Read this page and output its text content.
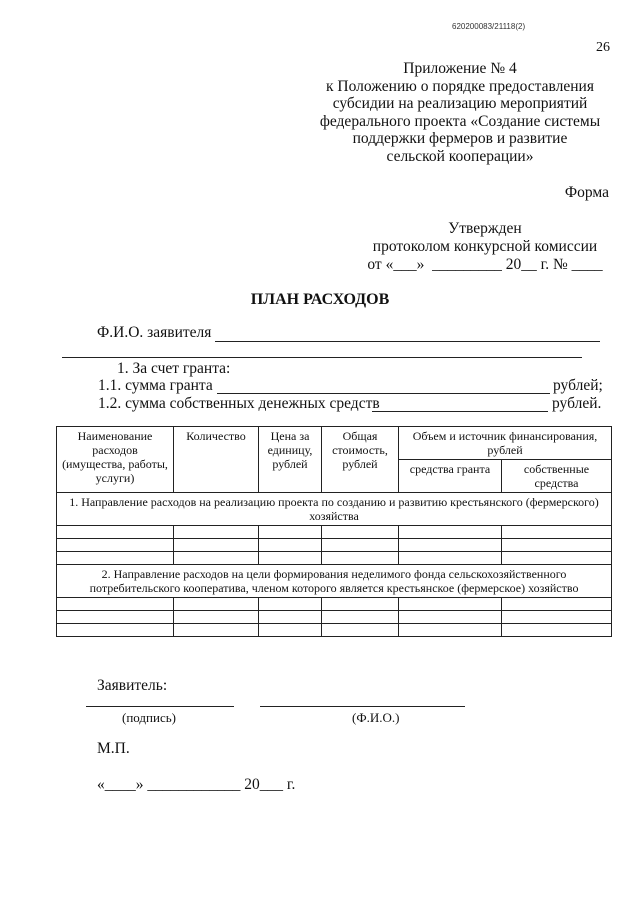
620200083/21118(2)
26
Приложение № 4
к Положению о порядке предоставления
субсидии на реализацию мероприятий
федерального проекта «Создание системы
поддержки фермеров и развитие
сельской кооперации»
Форма
Утвержден
протоколом конкурсной комиссии
от «___»  _________ 20__ г. № ____
ПЛАН РАСХОДОВ
Ф.И.О. заявителя
1. За счет гранта:
1.1. сумма гранта	рублей;
1.2. сумма собственных денежных средств	рублей.
Наименование расходов (имущества, работы, услуги)	Количество	Цена за единицу, рублей	Общая стоимость, рублей	Объем и источник финансирования, рублей	
				средства гранта	собственные средства
1. Направление расходов на реализацию проекта по созданию и развитию крестьянского (фермерского) хозяйства					

2. Направление расходов на цели формирования неделимого фонда сельскохозяйственного потребительского кооператива, членом которого является крестьянское (фермерское) хозяйство					

Заявитель:
(подпись)	(Ф.И.О.)
М.П.
«____» ____________ 20___ г.
